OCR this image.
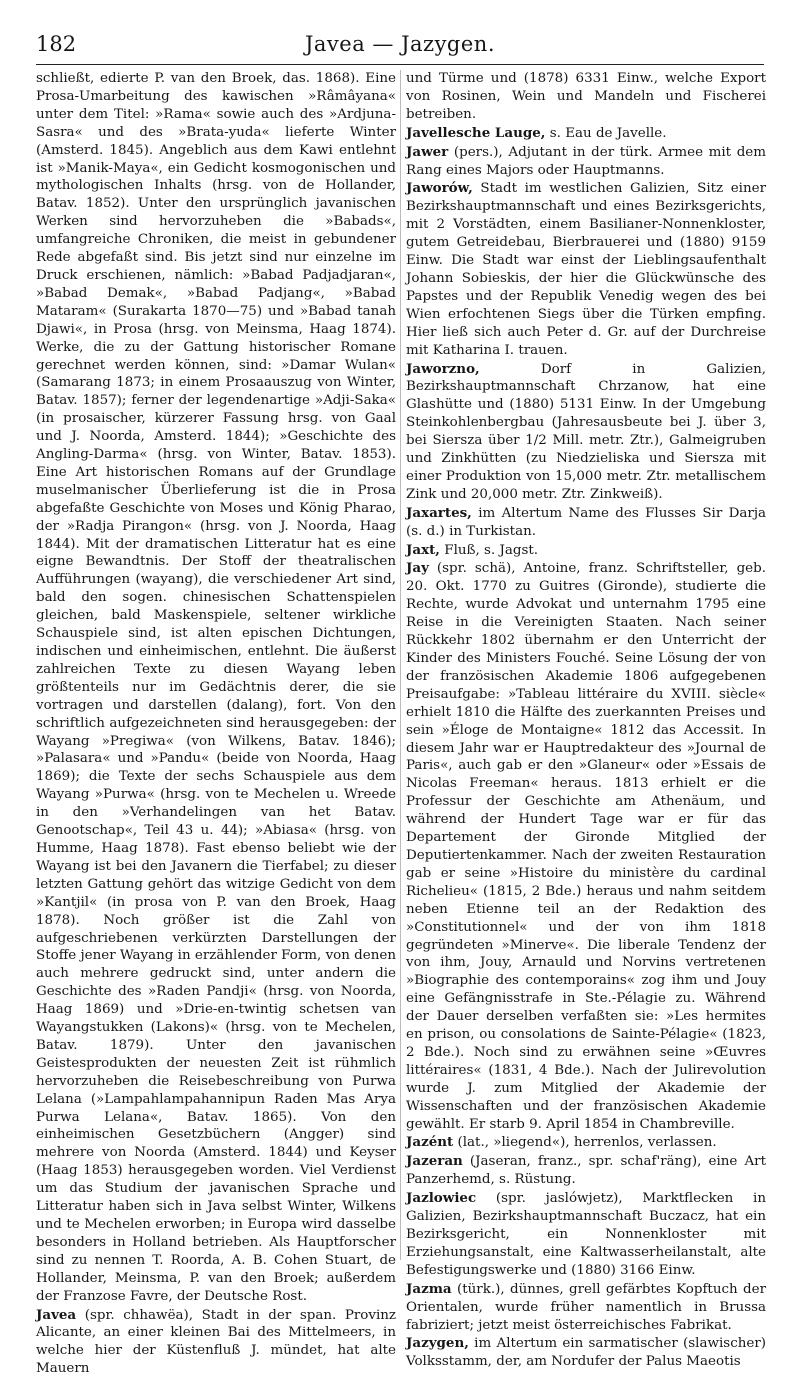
182	Javea — Jazygen.

schließt, edierte P. van den Broek, das. 1868). Eine Prosa-Umarbeitung des kawischen »Râmâyana« unter dem Titel: »Rama« sowie auch des »Ardjuna-Sasra« und des »Brata-yuda« lieferte Winter (Amsterd. 1845). Angeblich aus dem Kawi entlehnt ist »Manik-Maya«, ein Gedicht kosmogonischen und mythologischen Inhalts (hrsg. von de Hollander, Batav. 1852). Unter den ursprünglich javanischen Werken sind hervorzuheben die »Babads«, umfangreiche Chroniken, die meist in gebundener Rede abgefaßt sind. Bis jetzt sind nur einzelne im Druck erschienen, nämlich: »Babad Padjadjaran«, »Babad Demak«, »Babad Padjang«, »Babad Mataram« (Surakarta 1870—75) und »Babad tanah Djawi«, in Prosa (hrsg. von Meinsma, Haag 1874). Werke, die zu der Gattung historischer Romane gerechnet werden können, sind: »Damar Wulan« (Samarang 1873; in einem Prosaauszug von Winter, Batav. 1857); ferner der legendenartige »Adji-Saka« (in prosaischer, kürzerer Fassung hrsg. von Gaal und J. Noorda, Amsterd. 1844); »Geschichte des Angling-Darma« (hrsg. von Winter, Batav. 1853). Eine Art historischen Romans auf der Grundlage muselmanischer Überlieferung ist die in Prosa abgefaßte Geschichte von Moses und König Pharao, der »Radja Pirangon« (hrsg. von J. Noorda, Haag 1844). Mit der dramatischen Litteratur hat es eine eigne Bewandtnis. Der Stoff der theatralischen Aufführungen (wayang), die verschiedener Art sind, bald den sogen. chinesischen Schattenspielen gleichen, bald Maskenspiele, seltener wirkliche Schauspiele sind, ist alten epischen Dichtungen, indischen und einheimischen, entlehnt. Die äußerst zahlreichen Texte zu diesen Wayang leben größtenteils nur im Gedächtnis derer, die sie vortragen und darstellen (dalang), fort. Von den schriftlich aufgezeichneten sind herausgegeben: der Wayang »Pregiwa« (von Wilkens, Batav. 1846); »Palasara« und »Pandu« (beide von Noorda, Haag 1869); die Texte der sechs Schauspiele aus dem Wayang »Purwa« (hrsg. von te Mechelen u. Wreede in den »Verhandelingen van het Batav. Genootschap«, Teil 43 u. 44); »Abiasa« (hrsg. von Humme, Haag 1878). Fast ebenso beliebt wie der Wayang ist bei den Javanern die Tierfabel; zu dieser letzten Gattung gehört das witzige Gedicht von dem »Kantjil« (in prosa von P. van den Broek, Haag 1878). Noch größer ist die Zahl von aufgeschriebenen verkürzten Darstellungen der Stoffe jener Wayang in erzählender Form, von denen auch mehrere gedruckt sind, unter andern die Geschichte des »Raden Pandji« (hrsg. von Noorda, Haag 1869) und »Drie-en-twintig schetsen van Wayangstukken (Lakons)« (hrsg. von te Mechelen, Batav. 1879). Unter den javanischen Geistesprodukten der neuesten Zeit ist rühmlich hervorzuheben die Reisebeschreibung von Purwa Lelana (»Lampahlampahannipun Raden Mas Arya Purwa Lelana«, Batav. 1865). Von den einheimischen Gesetzbüchern (Angger) sind mehrere von Noorda (Amsterd. 1844) und Keyser (Haag 1853) herausgegeben worden. Viel Verdienst um das Studium der javanischen Sprache und Litteratur haben sich in Java selbst Winter, Wilkens und te Mechelen erworben; in Europa wird dasselbe besonders in Holland betrieben. Als Hauptforscher sind zu nennen T. Roorda, A. B. Cohen Stuart, de Hollander, Meinsma, P. van den Broek; außerdem der Franzose Favre, der Deutsche Rost.

Javea (spr. chhawëa), Stadt in der span. Provinz Alicante, an einer kleinen Bai des Mittelmeers, in welche hier der Küstenfluß J. mündet, hat alte Mauern

und Türme und (1878) 6331 Einw., welche Export von Rosinen, Wein und Mandeln und Fischerei betreiben.

Javellesche Lauge, s. Eau de Javelle.

Jawer (pers.), Adjutant in der türk. Armee mit dem Rang eines Majors oder Hauptmanns.

Jaworów, Stadt im westlichen Galizien, Sitz einer Bezirkshauptmannschaft und eines Bezirksgerichts, mit 2 Vorstädten, einem Basilianer-Nonnenkloster, gutem Getreidebau, Bierbrauerei und (1880) 9159 Einw. Die Stadt war einst der Lieblingsaufenthalt Johann Sobieskis, der hier die Glückwünsche des Papstes und der Republik Venedig wegen des bei Wien erfochtenen Siegs über die Türken empfing. Hier ließ sich auch Peter d. Gr. auf der Durchreise mit Katharina I. trauen.

Jaworzno, Dorf in Galizien, Bezirkshauptmannschaft Chrzanow, hat eine Glashütte und (1880) 5131 Einw. In der Umgebung Steinkohlenbergbau (Jahresausbeute bei J. über 3, bei Siersza über 1/2 Mill. metr. Ztr.), Galmeigruben und Zinkhütten (zu Niedzieliska und Siersza mit einer Produktion von 15,000 metr. Ztr. metallischem Zink und 20,000 metr. Ztr. Zinkweiß).

Jaxartes, im Altertum Name des Flusses Sir Darja (s. d.) in Turkistan.

Jaxt, Fluß, s. Jagst.

Jay (spr. schä), Antoine, franz. Schriftsteller, geb. 20. Okt. 1770 zu Guitres (Gironde), studierte die Rechte, wurde Advokat und unternahm 1795 eine Reise in die Vereinigten Staaten. Nach seiner Rückkehr 1802 übernahm er den Unterricht der Kinder des Ministers Fouché. Seine Lösung der von der französischen Akademie 1806 aufgegebenen Preisaufgabe: »Tableau littéraire du XVIII. siècle« erhielt 1810 die Hälfte des zuerkannten Preises und sein »Éloge de Montaigne« 1812 das Accessit. In diesem Jahr war er Hauptredakteur des »Journal de Paris«, auch gab er den »Glaneur« oder »Essais de Nicolas Freeman« heraus. 1813 erhielt er die Professur der Geschichte am Athenäum, und während der Hundert Tage war er für das Departement der Gironde Mitglied der Deputiertenkammer. Nach der zweiten Restauration gab er seine »Histoire du ministère du cardinal Richelieu« (1815, 2 Bde.) heraus und nahm seitdem neben Etienne teil an der Redaktion des »Constitutionnel« und der von ihm 1818 gegründeten »Minerve«. Die liberale Tendenz der von ihm, Jouy, Arnauld und Norvins vertretenen »Biographie des contemporains« zog ihm und Jouy eine Gefängnisstrafe in Ste.-Pélagie zu. Während der Dauer derselben verfaßten sie: »Les hermites en prison, ou consolations de Sainte-Pélagie« (1823, 2 Bde.). Noch sind zu erwähnen seine »Œuvres littéraires« (1831, 4 Bde.). Nach der Julirevolution wurde J. zum Mitglied der Akademie der Wissenschaften und der französischen Akademie gewählt. Er starb 9. April 1854 in Chambreville.

Jazént (lat., »liegend«), herrenlos, verlassen.

Jazeran (Jaseran, franz., spr. schaf'räng), eine Art Panzerhemd, s. Rüstung.

Jazlowiec (spr. jaslówjetz), Marktflecken in Galizien, Bezirkshauptmannschaft Buczacz, hat ein Bezirksgericht, ein Nonnenkloster mit Erziehungsanstalt, eine Kaltwasserheilanstalt, alte Befestigungswerke und (1880) 3166 Einw.

Jazma (türk.), dünnes, grell gefärbtes Kopftuch der Orientalen, wurde früher namentlich in Brussa fabriziert; jetzt meist österreichisches Fabrikat.

Jazygen, im Altertum ein sarmatischer (slawischer) Volksstamm, der, am Nordufer der Palus Maeotis
